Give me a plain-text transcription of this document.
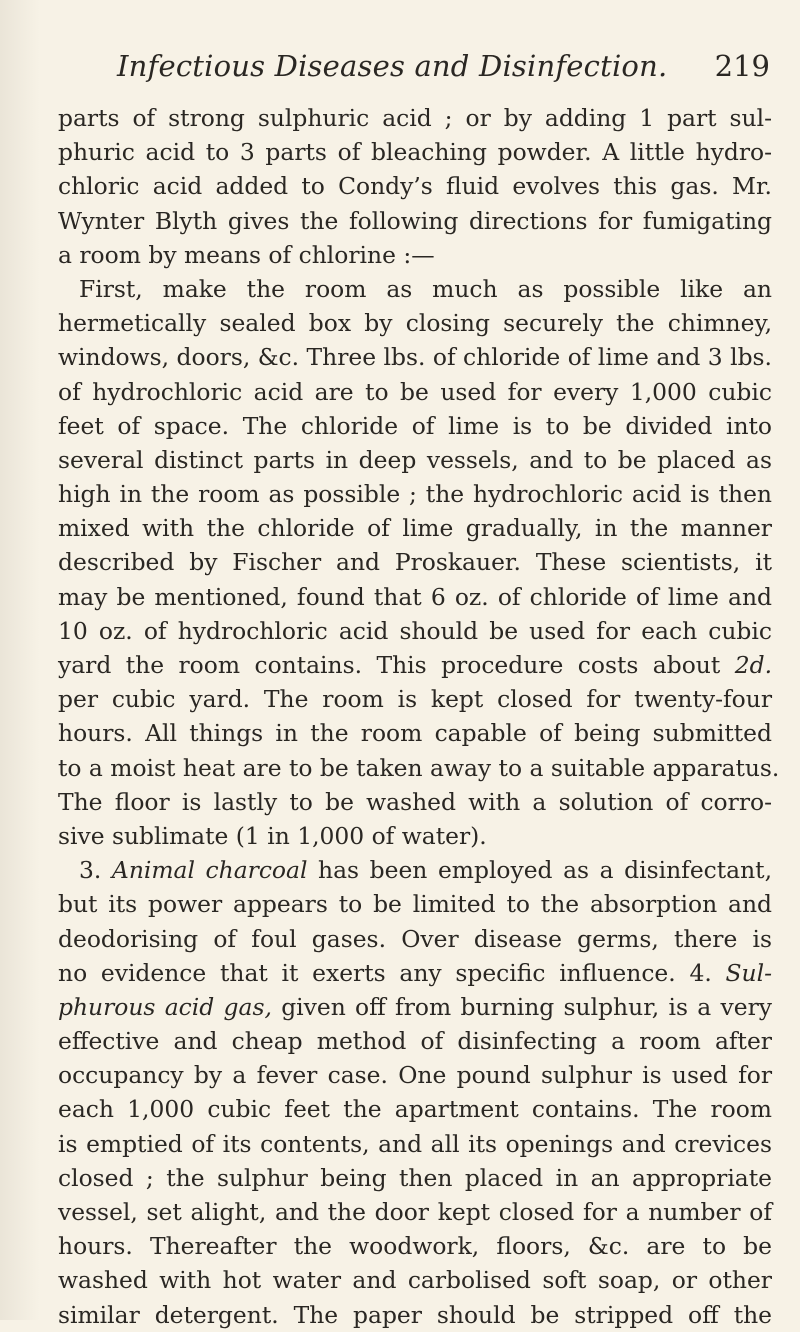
Infectious Diseases and Disinfection. 219
parts of strong sulphuric acid ; or by adding 1 part sul-
phuric acid to 3 parts of bleaching powder. A little hydro-
chloric acid added to Condy’s fluid evolves this gas. Mr.
Wynter Blyth gives the following directions for fumigating
a room by means of chlorine :—
First, make the room as much as possible like an
hermetically sealed box by closing securely the chimney,
windows, doors, &c. Three lbs. of chloride of lime and 3 lbs.
of hydrochloric acid are to be used for every 1,000 cubic
feet of space. The chloride of lime is to be divided into
several distinct parts in deep vessels, and to be placed as
high in the room as possible ; the hydrochloric acid is then
mixed with the chloride of lime gradually, in the manner
described by Fischer and Proskauer. These scientists, it
may be mentioned, found that 6 oz. of chloride of lime and
10 oz. of hydrochloric acid should be used for each cubic
yard the room contains. This procedure costs about 2d.
per cubic yard. The room is kept closed for twenty-four
hours. All things in the room capable of being submitted
to a moist heat are to be taken away to a suitable apparatus.
The floor is lastly to be washed with a solution of corro-
sive sublimate (1 in 1,000 of water).
3. Animal charcoal has been employed as a disinfectant,
but its power appears to be limited to the absorption and
deodorising of foul gases. Over disease germs, there is
no evidence that it exerts any specific influence. 4. Sul-
phurous acid gas, given off from burning sulphur, is a very
effective and cheap method of disinfecting a room after
occupancy by a fever case. One pound sulphur is used for
each 1,000 cubic feet the apartment contains. The room
is emptied of its contents, and all its openings and crevices
closed ; the sulphur being then placed in an appropriate
vessel, set alight, and the door kept closed for a number of
hours. Thereafter the woodwork, floors, &c. are to be
washed with hot water and carbolised soft soap, or other
similar detergent. The paper should be stripped off the
